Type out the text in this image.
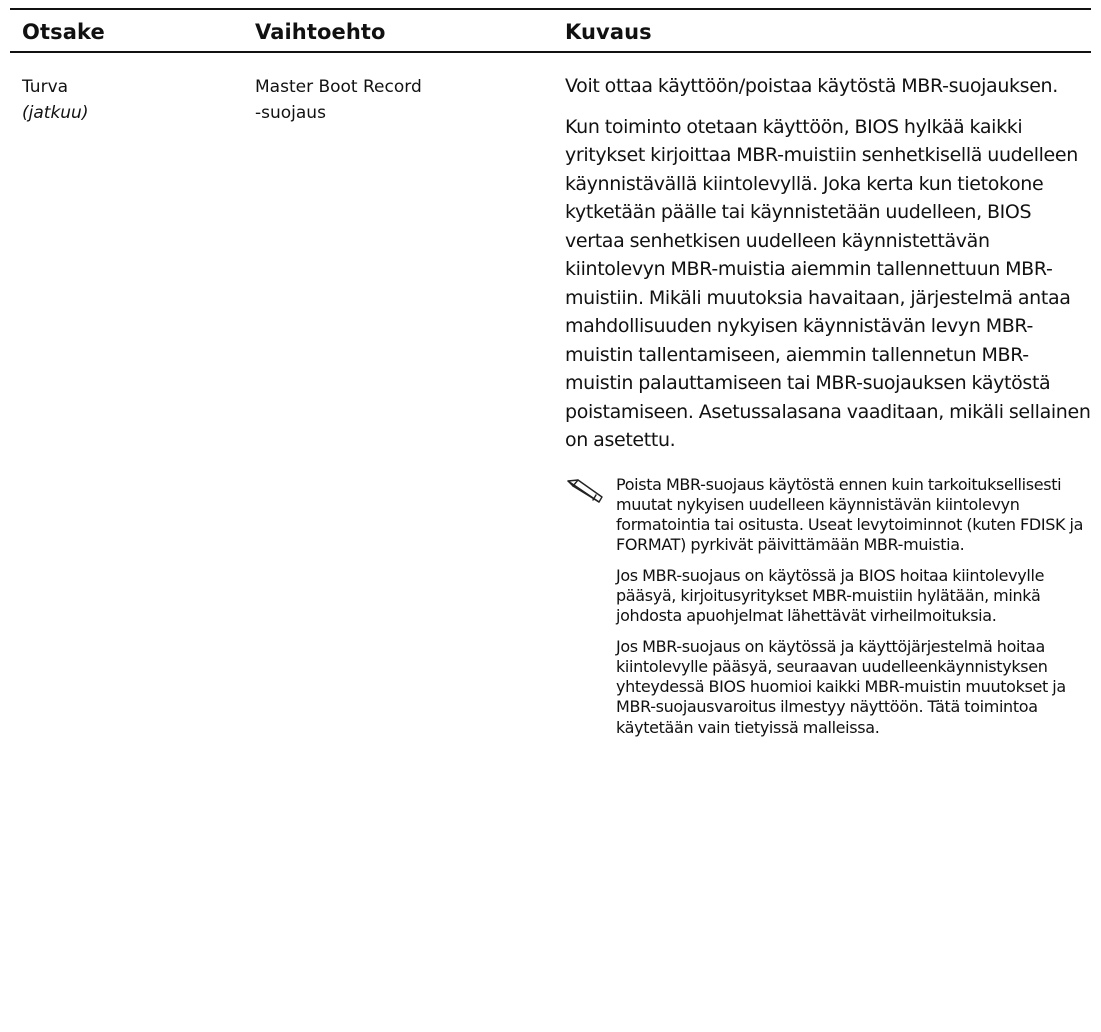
Otsake	Vaihtoehto	Kuvaus
Turva
(jatkuu)
Master Boot Record
-suojaus

Voit ottaa käyttöön/poistaa käytöstä MBR-suojauksen.

Kun toiminto otetaan käyttöön, BIOS hylkää kaikki yritykset kirjoittaa MBR-muistiin senhetkisellä uudelleen käynnistävällä kiintolevyllä. Joka kerta kun tietokone kytketään päälle tai käynnistetään uudelleen, BIOS vertaa senhetkisen uudelleen käynnistettävän kiintolevyn MBR-muistia aiemmin tallennettuun MBR-muistiin. Mikäli muutoksia havaitaan, järjestelmä antaa mahdollisuuden nykyisen käynnistävän levyn MBR-muistin tallentamiseen, aiemmin tallennetun MBR-muistin palauttamiseen tai MBR-suojauksen käytöstä poistamiseen. Asetussalasana vaaditaan, mikäli sellainen on asetettu.

Poista MBR-suojaus käytöstä ennen kuin tarkoituksellisesti muutat nykyisen uudelleen käynnistävän kiintolevyn formatointia tai ositusta. Useat levytoiminnot (kuten FDISK ja FORMAT) pyrkivät päivittämään MBR-muistia.

Jos MBR-suojaus on käytössä ja BIOS hoitaa kiintolevylle pääsyä, kirjoitusyritykset MBR-muistiin hylätään, minkä johdosta apuohjelmat lähettävät virheilmoituksia.

Jos MBR-suojaus on käytössä ja käyttöjärjestelmä hoitaa kiintolevylle pääsyä, seuraavan uudelleenkäynnistyksen yhteydessä BIOS huomioi kaikki MBR-muistin muutokset ja MBR-suojausvaroitus ilmestyy näyttöön. Tätä toimintoa käytetään vain tietyissä malleissa.
